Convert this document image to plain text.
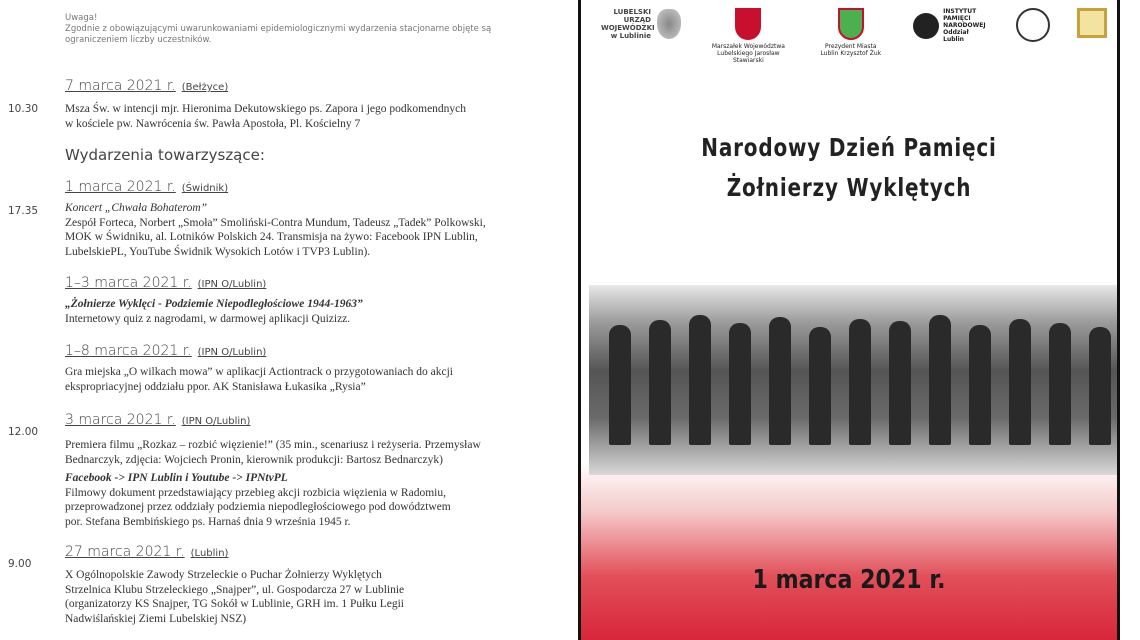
Uwaga!
Zgodnie z obowiązującymi uwarunkowaniami epidemiologicznymi wydarzenia stacjonarne objęte są ograniczeniem liczby uczestników.
7 marca 2021 r. (Bełżyce)
Msza Św. w intencji mjr. Hieronima Dekutowskiego ps. Zapora i jego podkomendnych
w kościele pw. Nawrócenia św. Pawła Apostoła, Pl. Kościelny 7
10.30
Wydarzenia towarzyszące:
1 marca 2021 r. (Świdnik)
Koncert „Chwała Bohaterom”
Zespół Forteca, Norbert „Smoła” Smoliński-Contra Mundum, Tadeusz „Tadek” Polkowski,
MOK w Świdniku, al. Lotników Polskich 24. Transmisja na żywo: Facebook IPN Lublin,
LubelskiePL, YouTube Świdnik Wysokich Lotów i TVP3 Lublin).
17.35
1–3 marca 2021 r. (IPN O/Lublin)
„Żołnierze Wyklęci - Podziemie Niepodległościowe 1944-1963”
Internetowy quiz z nagrodami, w darmowej aplikacji Quizizz.
1–8 marca 2021 r. (IPN O/Lublin)
Gra miejska „O wilkach mowa” w aplikacji Actiontrack o przygotowaniach do akcji
ekspropriacyjnej oddziału ppor. AK Stanisława Łukasika „Rysia”
3 marca 2021 r. (IPN O/Lublin)
Premiera filmu „Rozkaz – rozbić więzienie!” (35 min., scenariusz i reżyseria. Przemysław
Bednarczyk, zdjęcia: Wojciech Pronin, kierownik produkcji: Bartosz Bednarczyk)
Facebook -> IPN Lublin i Youtube -> IPNtvPL
Filmowy dokument przedstawiający przebieg akcji rozbicia więzienia w Radomiu,
przeprowadzonej przez oddziały podziemia niepodległościowego pod dowództwem
por. Stefana Bembińskiego ps. Harnaś dnia 9 września 1945 r.
12.00
27 marca 2021 r. (Lublin)
X Ogólnopolskie Zawody Strzeleckie o Puchar Żołnierzy Wyklętych
Strzelnica Klubu Strzeleckiego „Snajper”, ul. Gospodarcza 27 w Lublinie
(organizatorzy KS Snajper, TG Sokół w Lublinie, GRH im. 1 Pułku Legii
Nadwiślańskiej Ziemi Lubelskiej NSZ)
9.00
LUBELSKI URZĄD WOJEWÓDZKI w Lublinie
Marszałek Województwa Lubelskiego Jarosław Stawiarski
Prezydent Miasta Lublin Krzysztof Żuk
INSTYTUT PAMIĘCI NARODOWEJ Oddział Lublin
Narodowy Dzień Pamięci
Żołnierzy Wyklętych
1 marca 2021 r.
